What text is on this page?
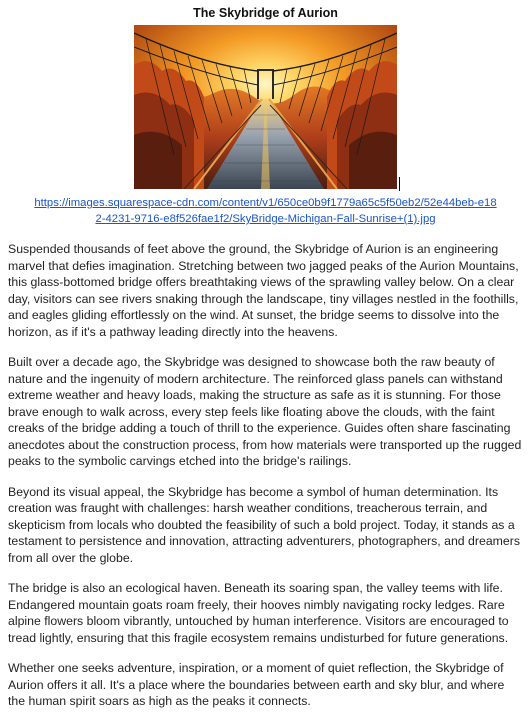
The Skybridge of Aurion
https://images.squarespace-cdn.com/content/v1/650ce0b9f1779a65c5f50eb2/52e44beb-e18
2-4231-9716-e8f526fae1f2/SkyBridge-Michigan-Fall-Sunrise+(1).jpg

Suspended thousands of feet above the ground, the Skybridge of Aurion is an engineering marvel that defies imagination. Stretching between two jagged peaks of the Aurion Mountains, this glass-bottomed bridge offers breathtaking views of the sprawling valley below. On a clear day, visitors can see rivers snaking through the landscape, tiny villages nestled in the foothills, and eagles gliding effortlessly on the wind. At sunset, the bridge seems to dissolve into the horizon, as if it's a pathway leading directly into the heavens.

Built over a decade ago, the Skybridge was designed to showcase both the raw beauty of nature and the ingenuity of modern architecture. The reinforced glass panels can withstand extreme weather and heavy loads, making the structure as safe as it is stunning. For those brave enough to walk across, every step feels like floating above the clouds, with the faint creaks of the bridge adding a touch of thrill to the experience. Guides often share fascinating anecdotes about the construction process, from how materials were transported up the rugged peaks to the symbolic carvings etched into the bridge's railings.

Beyond its visual appeal, the Skybridge has become a symbol of human determination. Its creation was fraught with challenges: harsh weather conditions, treacherous terrain, and skepticism from locals who doubted the feasibility of such a bold project. Today, it stands as a testament to persistence and innovation, attracting adventurers, photographers, and dreamers from all over the globe.

The bridge is also an ecological haven. Beneath its soaring span, the valley teems with life. Endangered mountain goats roam freely, their hooves nimbly navigating rocky ledges. Rare alpine flowers bloom vibrantly, untouched by human interference. Visitors are encouraged to tread lightly, ensuring that this fragile ecosystem remains undisturbed for future generations.

Whether one seeks adventure, inspiration, or a moment of quiet reflection, the Skybridge of Aurion offers it all. It's a place where the boundaries between earth and sky blur, and where the human spirit soars as high as the peaks it connects.
